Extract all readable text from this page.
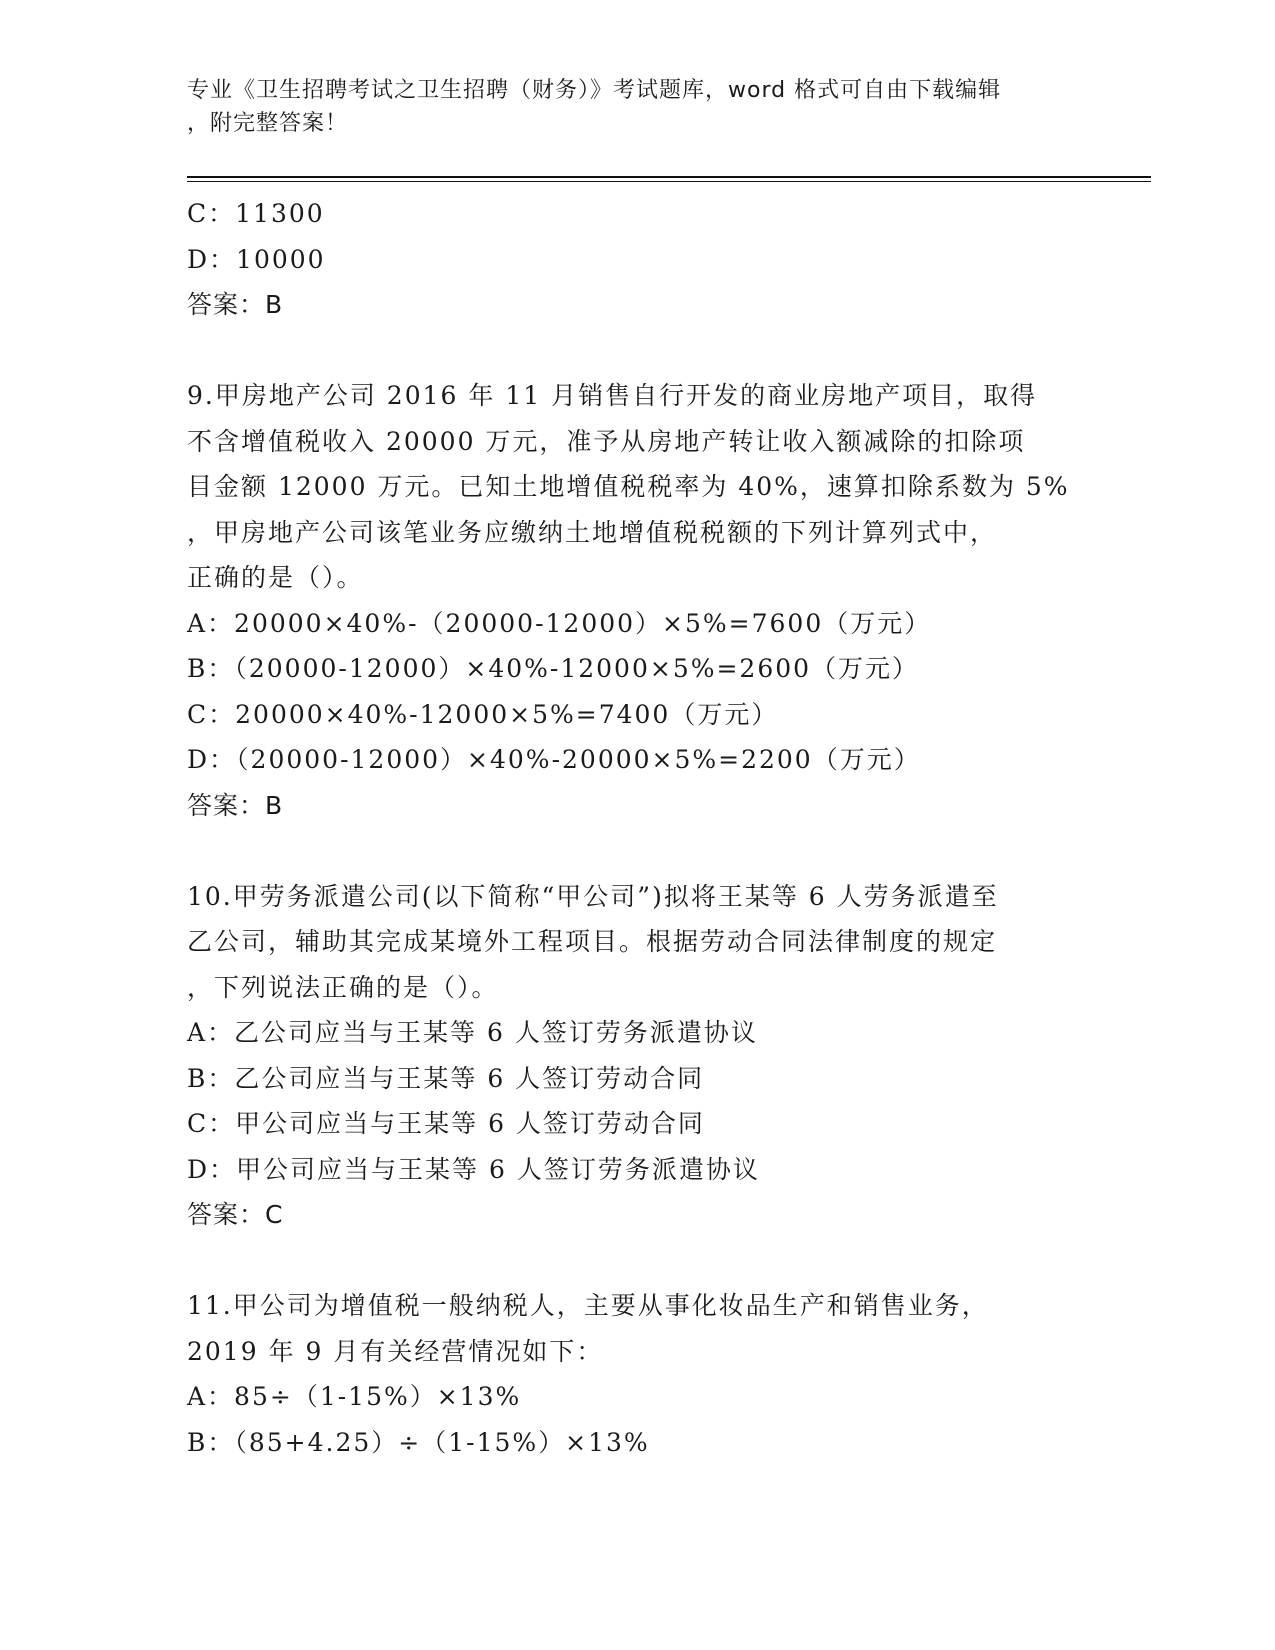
专业《卫生招聘考试之卫生招聘（财务）》考试题库，word 格式可自由下载编辑
，附完整答案！
C：11300
D：10000
答案：B
9.甲房地产公司 2016 年 11 月销售自行开发的商业房地产项目，取得
不含增值税收入 20000 万元，准予从房地产转让收入额减除的扣除项
目金额 12000 万元。已知土地增值税税率为 40%，速算扣除系数为 5%
，甲房地产公司该笔业务应缴纳土地增值税税额的下列计算列式中，
正确的是（）。
A：20000×40%-（20000-12000）×5%=7600（万元）
B：（20000-12000）×40%-12000×5%=2600（万元）
C：20000×40%-12000×5%=7400（万元）
D：（20000-12000）×40%-20000×5%=2200（万元）
答案：B
10.甲劳务派遣公司(以下简称“甲公司”)拟将王某等 6 人劳务派遣至
乙公司，辅助其完成某境外工程项目。根据劳动合同法律制度的规定
，下列说法正确的是（）。
A：乙公司应当与王某等 6 人签订劳务派遣协议
B：乙公司应当与王某等 6 人签订劳动合同
C：甲公司应当与王某等 6 人签订劳动合同
D：甲公司应当与王某等 6 人签订劳务派遣协议
答案：C
11.甲公司为增值税一般纳税人，主要从事化妆品生产和销售业务，
2019 年 9 月有关经营情况如下：
A：85÷（1-15%）×13%
B：（85+4.25）÷（1-15%）×13%
